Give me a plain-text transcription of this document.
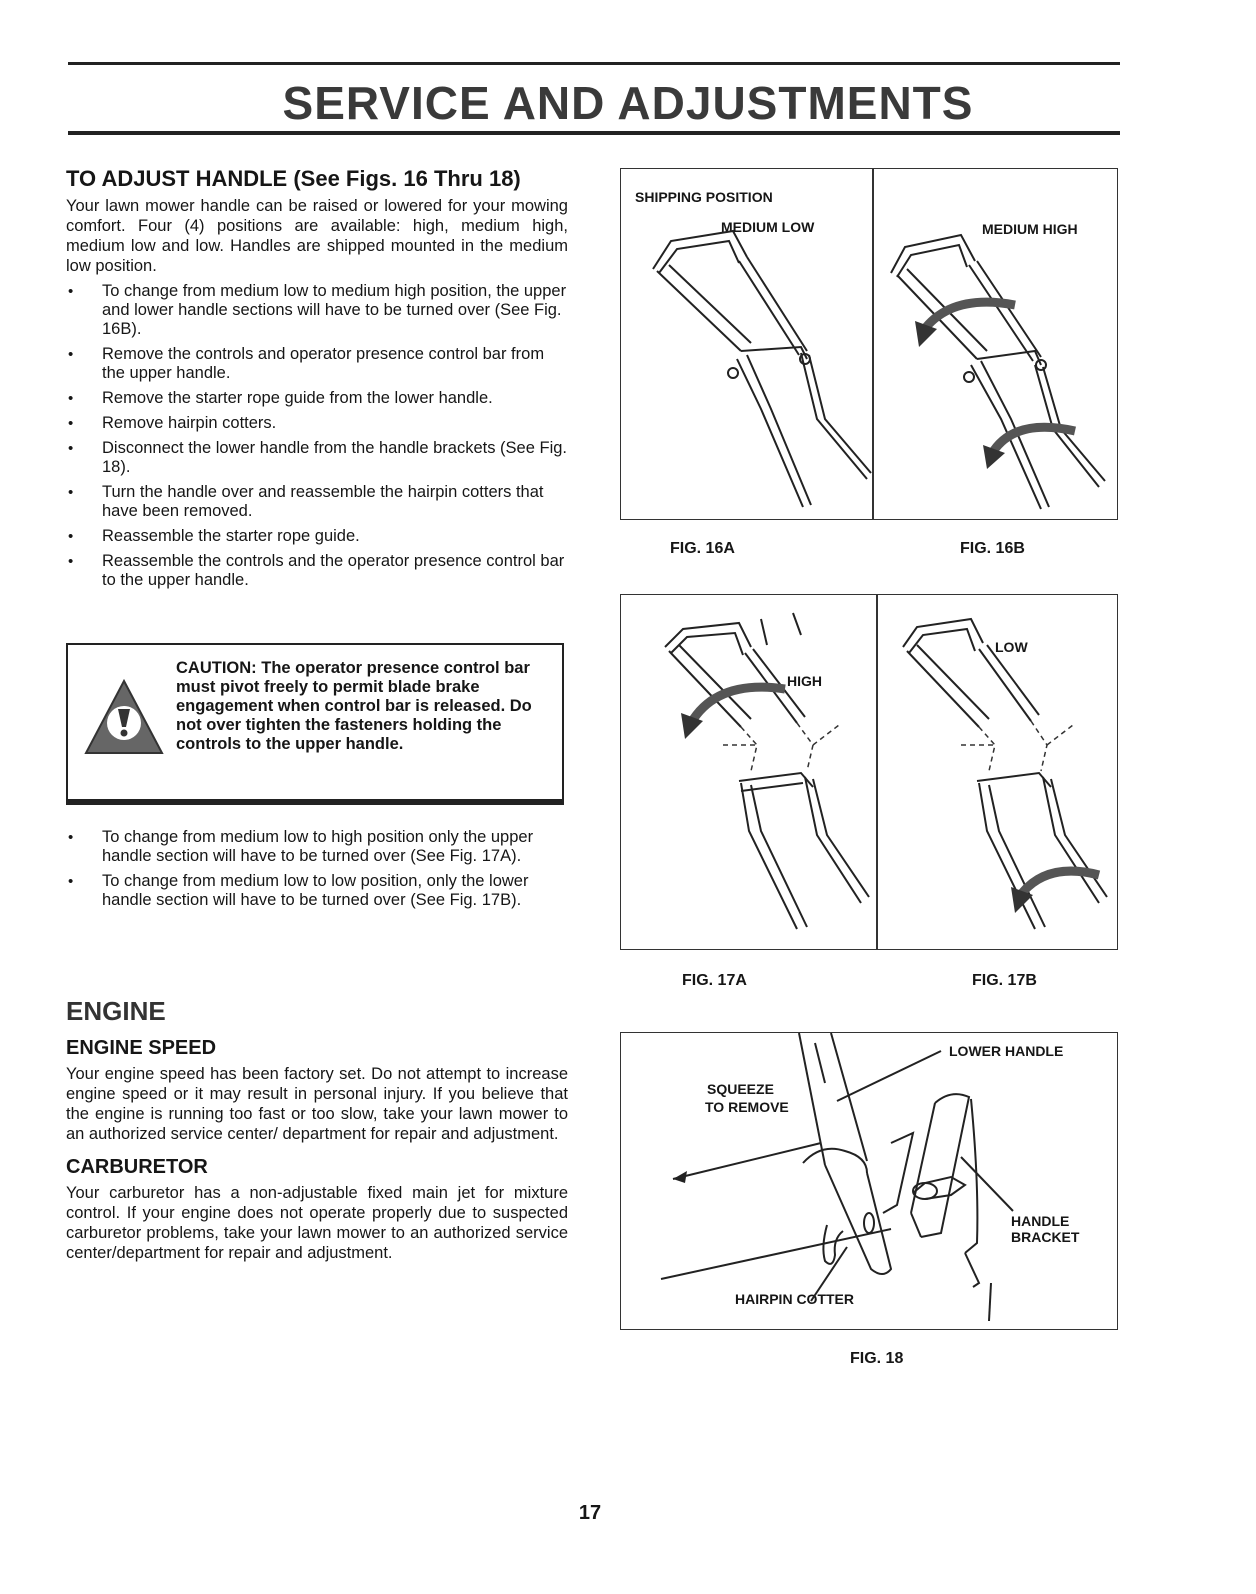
SERVICE AND ADJUSTMENTS
TO ADJUST HANDLE (See Figs. 16 Thru 18)

Your lawn mower handle can be raised or lowered for your mowing comfort. Four (4) positions are available: high, medium high, medium low and low. Handles are shipped mounted in the medium low position.

• To change from medium low to medium high position, the upper and lower handle sections will have to be turned over (See Fig. 16B).
• Remove the controls and operator presence control bar from the upper handle.
• Remove the starter rope guide from the lower handle.
• Remove hairpin cotters.
• Disconnect the lower handle from the handle brackets (See Fig. 18).
• Turn the handle over and reassemble the hairpin cotters that have been removed.
• Reassemble the starter rope guide.
• Reassemble the controls and the operator presence control bar to the upper handle.
CAUTION: The operator presence control bar must pivot freely to permit blade brake engagement when control bar is released. Do not over tighten the fasteners holding the controls to the upper handle.
• To change from medium low to high position only the upper handle section will have to be turned over (See Fig. 17A).
• To change from medium low to low position, only the lower handle section will have to be turned over (See Fig. 17B).
ENGINE
ENGINE SPEED

Your engine speed has been factory set. Do not attempt to increase engine speed or it may result in personal injury. If you believe that the engine is running too fast or too slow, take your lawn mower to an authorized service center/ department for repair and adjustment.

CARBURETOR

Your carburetor has a non-adjustable fixed main jet for mixture control. If your engine does not operate properly due to suspected carburetor problems, take your lawn mower to an authorized service center/department for repair and adjustment.

SHIPPING POSITION
MEDIUM LOW	MEDIUM HIGH
FIG. 16A	FIG. 16B
HIGH
LOW
FIG. 17A	FIG. 17B
LOWER HANDLE
SQUEEZE
TO REMOVE
HANDLE
BRACKET
HAIRPIN COTTER
FIG. 18
17
